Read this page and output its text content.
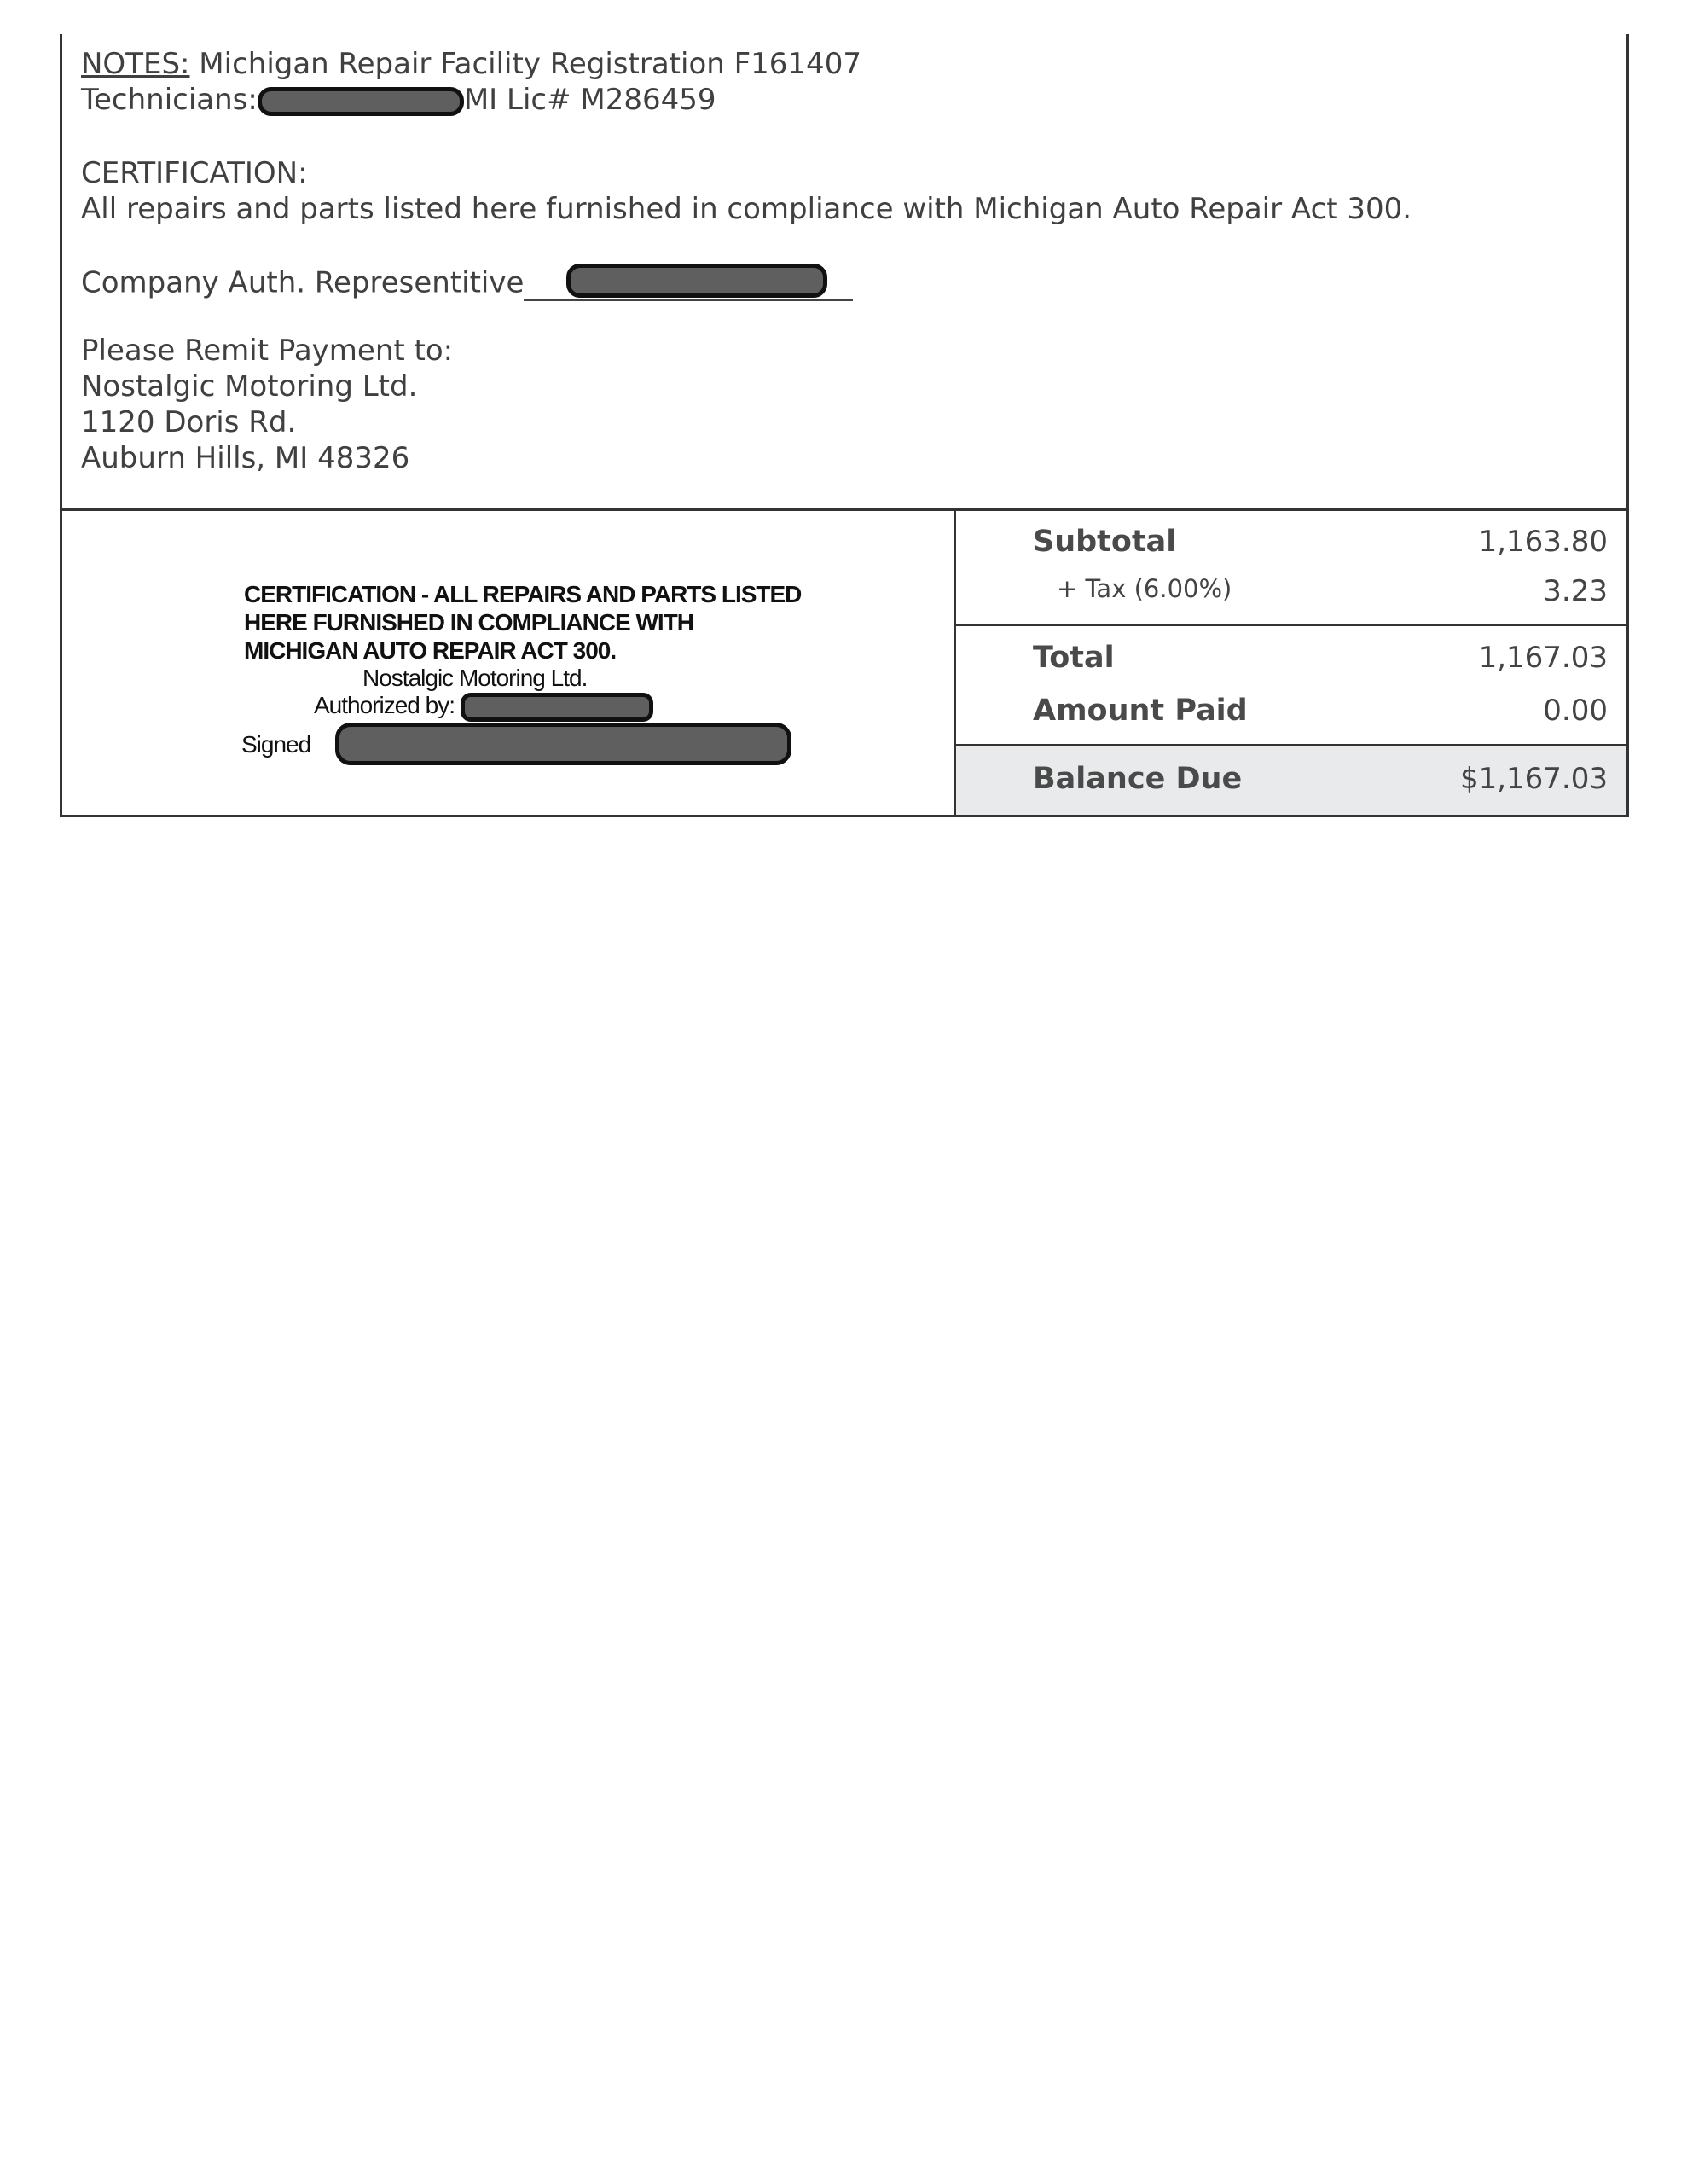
NOTES: Michigan Repair Facility Registration F161407
Technicians:	MI Lic# M286459
CERTIFICATION:
All repairs and parts listed here furnished in compliance with Michigan Auto Repair Act 300.
Company Auth. Representitive
Please Remit Payment to:
Nostalgic Motoring Ltd.
1120 Doris Rd.
Auburn Hills, MI 48326
CERTIFICATION - ALL REPAIRS AND PARTS LISTED
HERE FURNISHED IN COMPLIANCE WITH
MICHIGAN AUTO REPAIR ACT 300.
Nostalgic Motoring Ltd.
Authorized by:
Signed
Subtotal	1,163.80
+ Tax (6.00%)	3.23
Total	1,167.03
Amount Paid	0.00
Balance Due	$1,167.03
